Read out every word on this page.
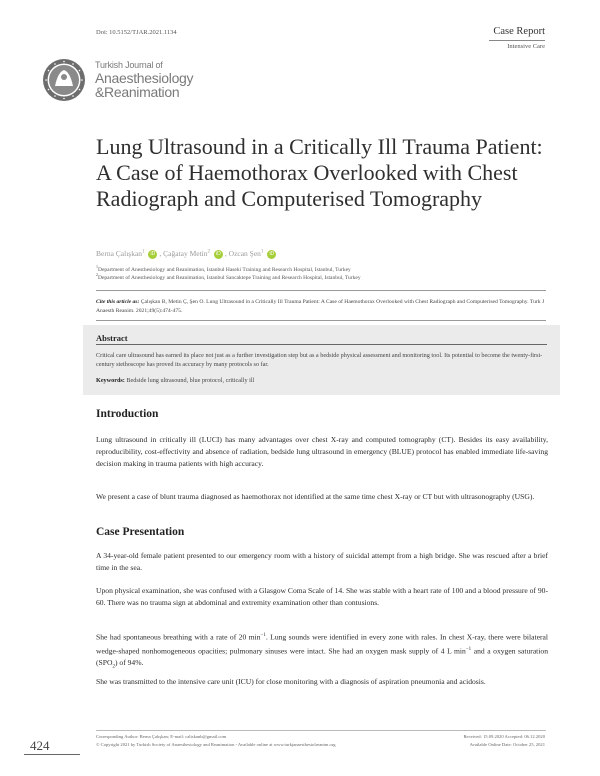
Doi: 10.5152/TJAR.2021.1134	Case Report
Intensive Care
Turkish Journal of
Anaesthesiology
&Reanimation
Lung Ultrasound in a Critically Ill Trauma Patient: A Case of Haemothorax Overlooked with Chest Radiograph and Computerised Tomography
Berna Çalışkan$^1$ iD , Çağatay Metin$^2$ iD , Ozcan Şen$^1$ iD
$^1$Department of Anesthesiology and Reanimation, Istanbul Haseki Training and Research Hospital, Istanbul, Turkey
$^2$Department of Anesthesiology and Reanimation, Istanbul Sancaktepe Training and Research Hospital, Istanbul, Turkey
Cite this article as: Çalışkan B, Metin Ç, Şen O. Lung Ultrasound in a Critically Ill Trauma Patient: A Case of Haemothorax Overlooked with Chest Radiograph and Computerised Tomography. Turk J Anaesth Reanim. 2021;49(5):474-475.
Abstract
Critical care ultrasound has earned its place not just as a further investigation step but as a bedside physical assessment and monitoring tool. Its potential to become the twenty-first-century stethoscope has proved its accuracy by many protocols so far.
Keywords: Bedside lung ultrasound, blue protocol, critically ill
Introduction
Lung ultrasound in critically ill (LUCI) has many advantages over chest X-ray and computed tomography (CT). Besides its easy availability, reproducibility, cost-effectivity and absence of radiation, bedside lung ultrasound in emergency (BLUE) protocol has enabled immediate life-saving decision making in trauma patients with high accuracy.
We present a case of blunt trauma diagnosed as haemothorax not identified at the same time chest X-ray or CT but with ultrasonography (USG).
Case Presentation
A 34-year-old female patient presented to our emergency room with a history of suicidal attempt from a high bridge. She was rescued after a brief time in the sea.
Upon physical examination, she was confused with a Glasgow Coma Scale of 14. She was stable with a heart rate of 100 and a blood pressure of 90-60. There was no trauma sign at abdominal and extremity examination other than contusions.
She had spontaneous breathing with a rate of 20 $\min^{-1}$. Lung sounds were identified in every zone with rales. In chest X-ray, there were bilateral wedge-shaped nonhomogeneous opacities; pulmonary sinuses were intact. She had an oxygen mask supply of 4 L $\min^{-1}$ and a oxygen saturation $(SPO_2)$ of 94%.
She was transmitted to the intensive care unit (ICU) for close monitoring with a diagnosis of aspiration pneumonia and acidosis.
424
Corresponding Author: Berna Çalışkan; E-mail: caliskanb@gmail.com
© Copyright 2021 by Turkish Society of Anaesthesiology and Reanimation - Available online at www.turkjanaesthesiolreanim.org
Received: 15.09.2020 Accepted: 06.12.2020
Available Online Date: October 25, 2021
